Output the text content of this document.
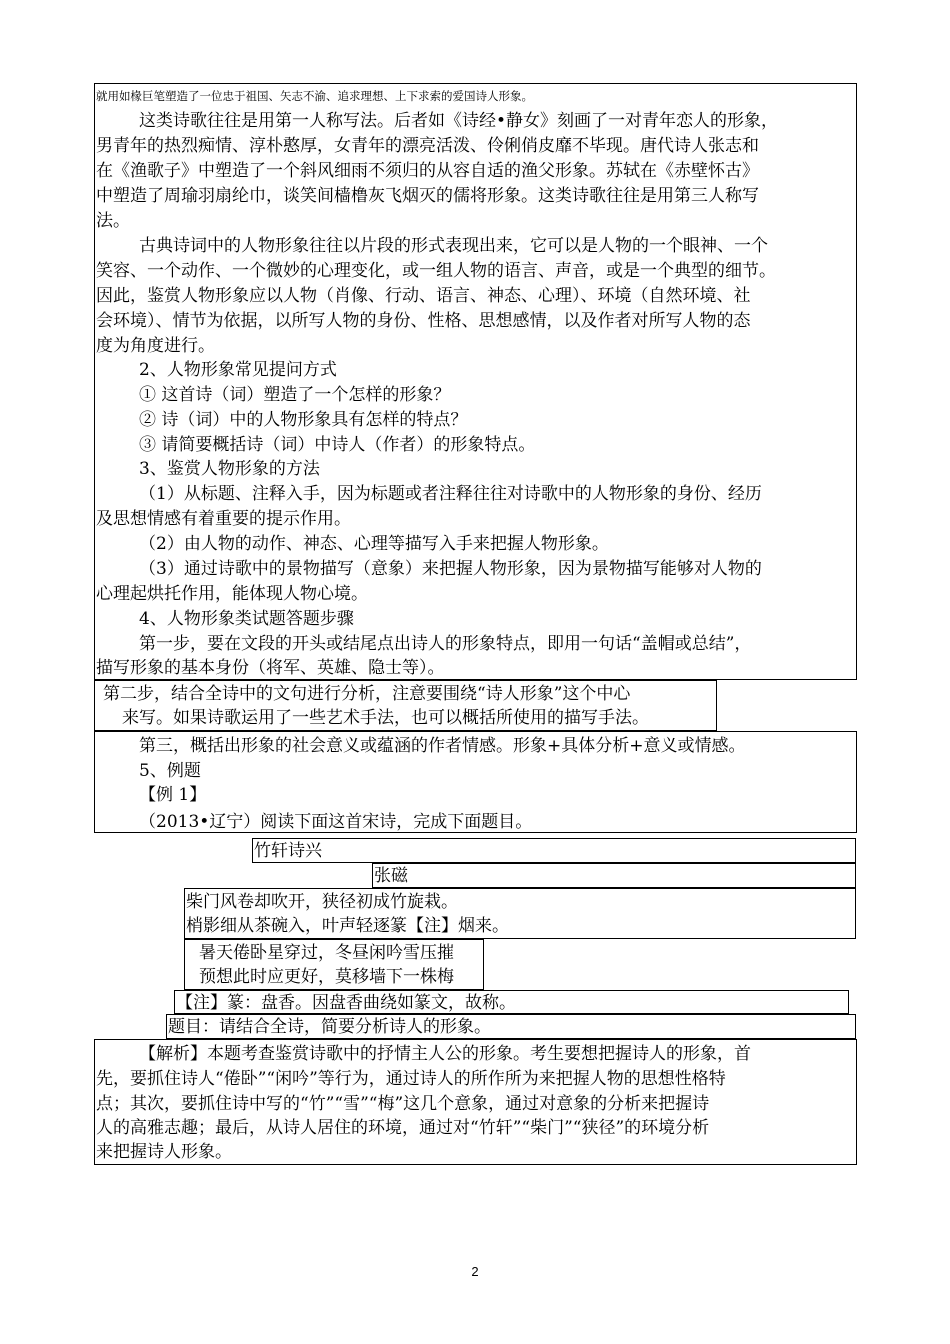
就用如椽巨笔塑造了一位忠于祖国、矢志不渝、追求理想、上下求索的爱国诗人形象。
这类诗歌往往是用第一人称写法。后者如《诗经•静女》刻画了一对青年恋人的形象，
男青年的热烈痴情、淳朴憨厚，女青年的漂亮活泼、伶俐俏皮靡不毕现。唐代诗人张志和
在《渔歌子》中塑造了一个斜风细雨不须归的从容自适的渔父形象。苏轼在《赤壁怀古》
中塑造了周瑜羽扇纶巾，谈笑间樯橹灰飞烟灭的儒将形象。这类诗歌往往是用第三人称写
法。
古典诗词中的人物形象往往以片段的形式表现出来，它可以是人物的一个眼神、一个
笑容、一个动作、一个微妙的心理变化，或一组人物的语言、声音，或是一个典型的细节。
因此，鉴赏人物形象应以人物（肖像、行动、语言、神态、心理）、环境（自然环境、社
会环境）、情节为依据，以所写人物的身份、性格、思想感情，以及作者对所写人物的态
度为角度进行。
2、人物形象常见提问方式
① 这首诗（词）塑造了一个怎样的形象？
② 诗（词）中的人物形象具有怎样的特点？
③ 请简要概括诗（词）中诗人（作者）的形象特点。
3、鉴赏人物形象的方法
（1）从标题、注释入手，因为标题或者注释往往对诗歌中的人物形象的身份、经历
及思想情感有着重要的提示作用。
（2）由人物的动作、神态、心理等描写入手来把握人物形象。
（3）通过诗歌中的景物描写（意象）来把握人物形象，因为景物描写能够对人物的
心理起烘托作用，能体现人物心境。
4、人物形象类试题答题步骤
第一步，要在文段的开头或结尾点出诗人的形象特点，即用一句话“盖帽或总结”，
描写形象的基本身份（将军、英雄、隐士等）。
第二步，结合全诗中的文句进行分析，注意要围绕“诗人形象”这个中心
来写。如果诗歌运用了一些艺术手法，也可以概括所使用的描写手法。
第三，概括出形象的社会意义或蕴涵的作者情感。形象+具体分析+意义或情感。
5、例题
【例 1】
（2013•辽宁）阅读下面这首宋诗，完成下面题目。
竹轩诗兴
张磁
柴门风卷却吹开，狭径初成竹旋栽。
梢影细从茶碗入，叶声轻逐篆【注】烟来。
暑天倦卧星穿过，冬昼闲吟雪压摧
预想此时应更好，莫移墙下一株梅
【注】篆：盘香。因盘香曲绕如篆文，故称。
题目：请结合全诗，简要分析诗人的形象。
【解析】本题考查鉴赏诗歌中的抒情主人公的形象。考生要想把握诗人的形象，首
先，要抓住诗人“倦卧”“闲吟”等行为，通过诗人的所作所为来把握人物的思想性格特
点；其次，要抓住诗中写的“竹”“雪”“梅”这几个意象，通过对意象的分析来把握诗
人的高雅志趣；最后，从诗人居住的环境，通过对“竹轩”“柴门”“狭径”的环境分析
来把握诗人形象。
2
